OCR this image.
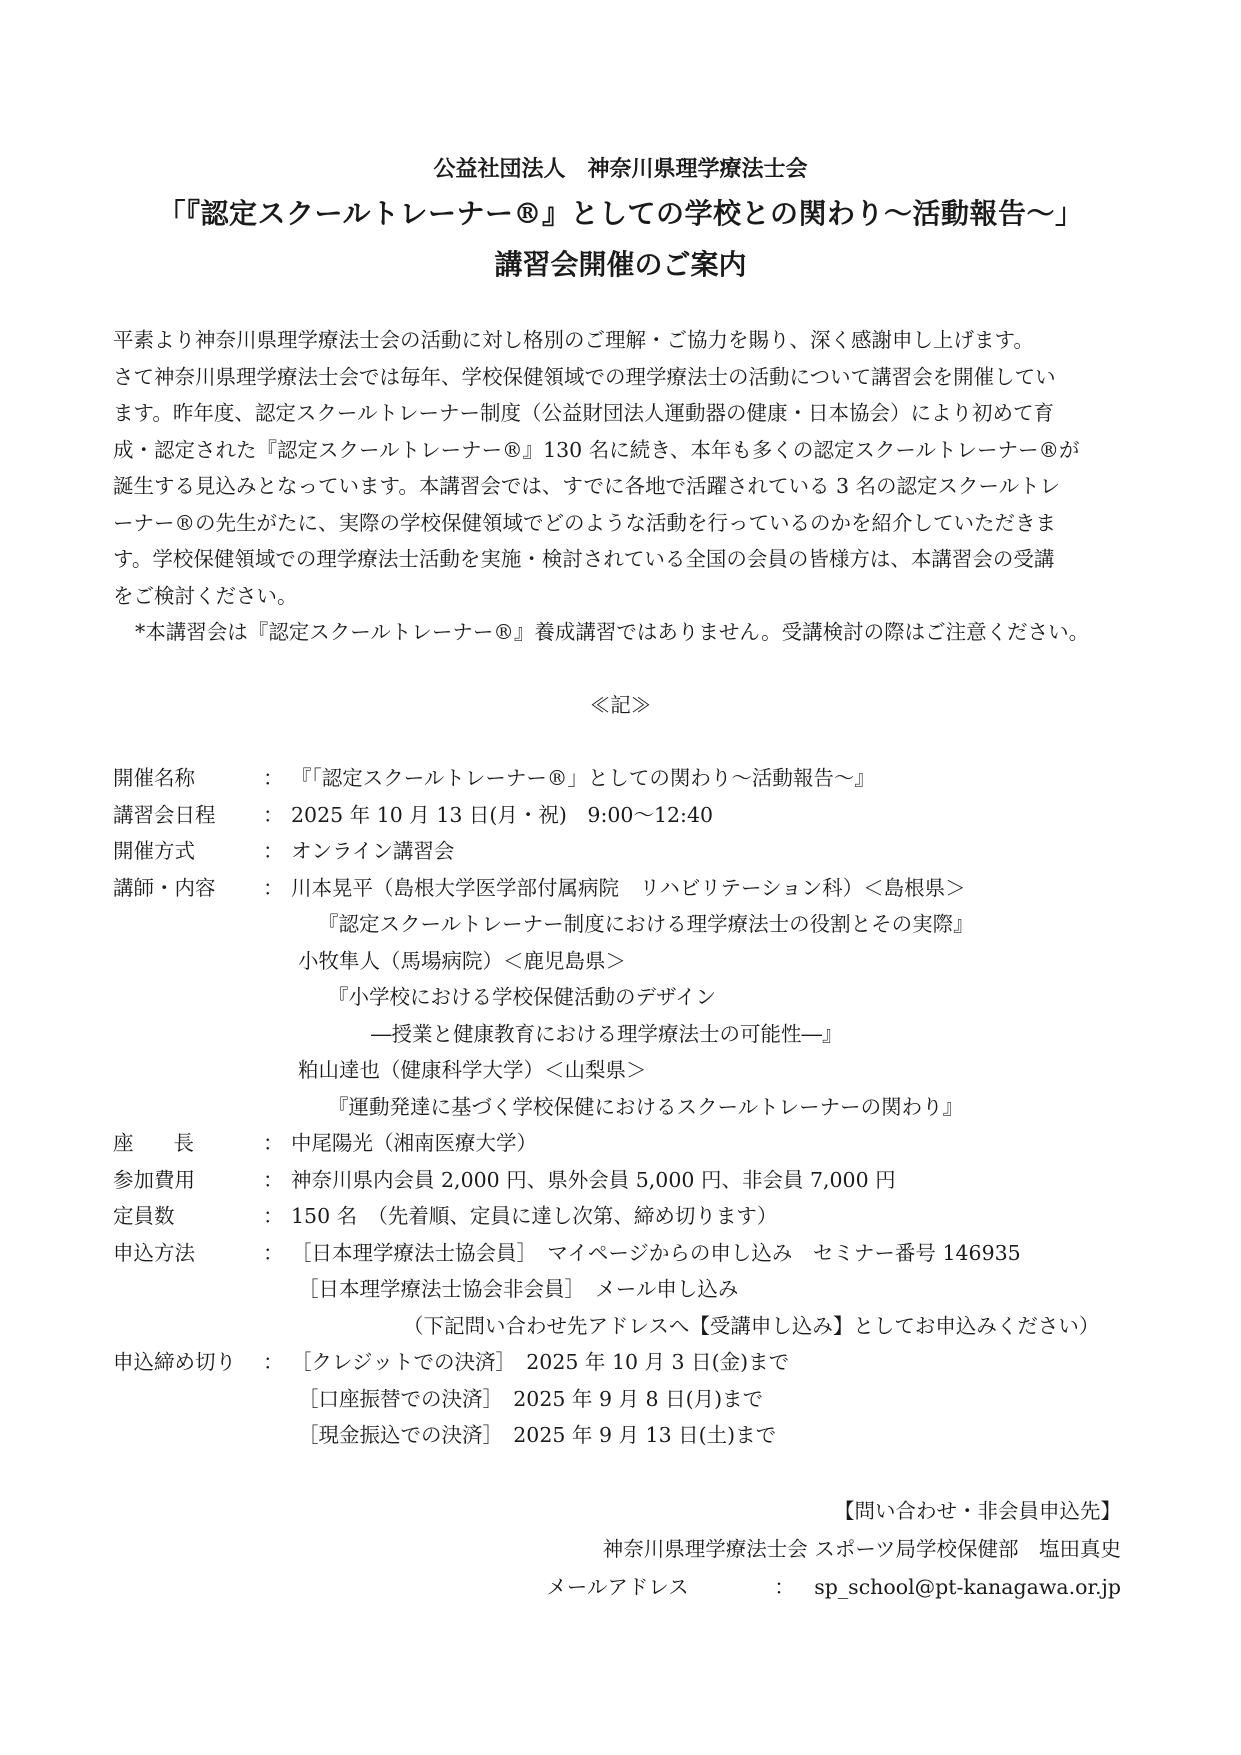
公益社団法人　神奈川県理学療法士会
「『認定スクールトレーナー®』としての学校との関わり～活動報告～」
講習会開催のご案内

平素より神奈川県理学療法士会の活動に対し格別のご理解・ご協力を賜り、深く感謝申し上げます。

さて神奈川県理学療法士会では毎年、学校保健領域での理学療法士の活動について講習会を開催してい

ます。昨年度、認定スクールトレーナー制度（公益財団法人運動器の健康・日本協会）により初めて育

成・認定された『認定スクールトレーナー®』130 名に続き、本年も多くの認定スクールトレーナー®が

誕生する見込みとなっています。本講習会では、すでに各地で活躍されている 3 名の認定スクールトレ

ーナー®の先生がたに、実際の学校保健領域でどのような活動を行っているのかを紹介していただきま

す。学校保健領域での理学療法士活動を実施・検討されている全国の会員の皆様方は、本講習会の受講

をご検討ください。

*本講習会は『認定スクールトレーナー®』養成講習ではありません。受講検討の際はご注意ください。

≪記≫
開催名称	： 『「認定スクールトレーナー®」としての関わり～活動報告～』
講習会日程	： 2025 年 10 月 13 日(月・祝)　9:00～12:40
開催方式	： オンライン講習会
講師・内容	： 川本晃平（島根大学医学部付属病院　リハビリテーション科）＜島根県＞
『認定スクールトレーナー制度における理学療法士の役割とその実際』
小牧隼人（馬場病院）＜鹿児島県＞
『小学校における学校保健活動のデザイン
―授業と健康教育における理学療法士の可能性―』
粕山達也（健康科学大学）＜山梨県＞
『運動発達に基づく学校保健におけるスクールトレーナーの関わり』
座長	： 中尾陽光（湘南医療大学）
参加費用	： 神奈川県内会員 2,000 円、県外会員 5,000 円、非会員 7,000 円
定員数	： 150 名　（先着順、定員に達し次第、締め切ります）
申込方法	： ［日本理学療法士協会員］　マイページからの申し込み　セミナー番号 146935
［日本理学療法士協会非会員］　メール申し込み
（下記問い合わせ先アドレスへ【受講申し込み】としてお申込みください）
申込締め切り	： ［クレジットでの決済］　2025 年 10 月 3 日(金)まで
［口座振替での決済］　2025 年 9 月 8 日(月)まで
［現金振込での決済］　2025 年 9 月 13 日(土)まで
【問い合わせ・非会員申込先】
神奈川県理学療法士会 スポーツ局学校保健部　塩田真史
メールアドレス	： sp_school@pt-kanagawa.or.jp
